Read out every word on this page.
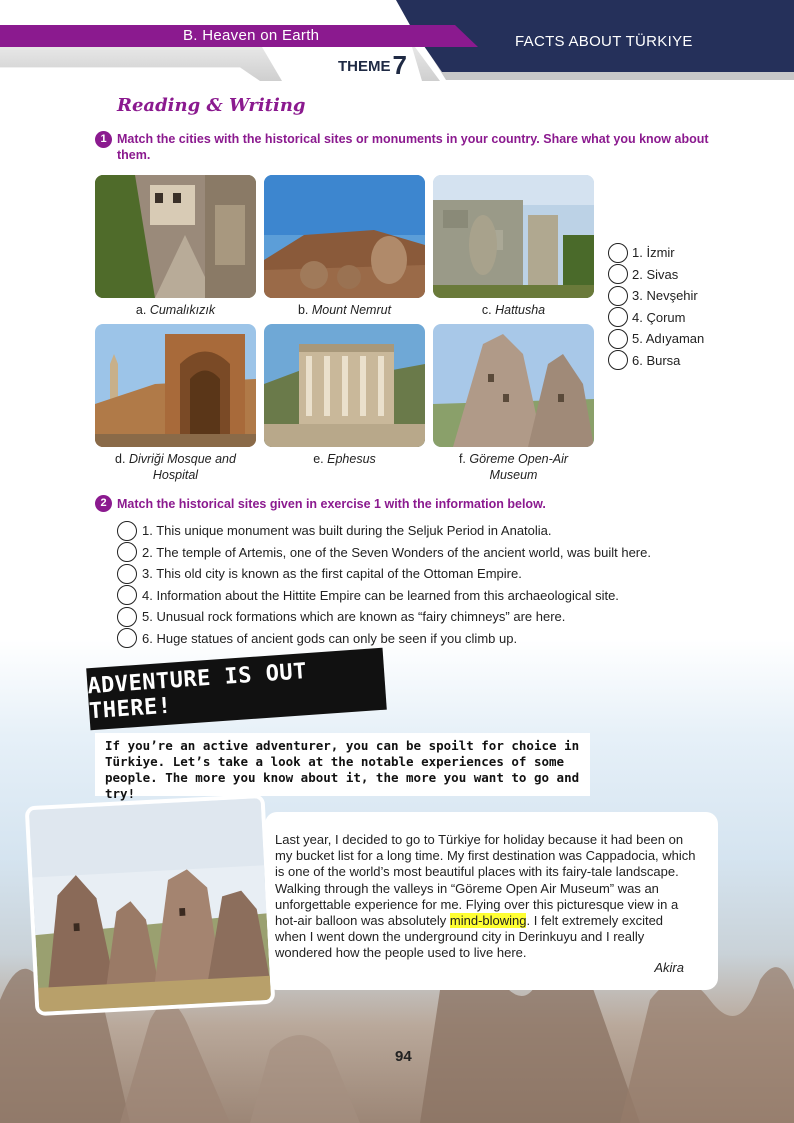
FACTS ABOUT TÜRKIYE
B. Heaven on Earth
THEME7
Reading & Writing
1 Match the cities with the historical sites or monuments in your country. Share what you know about them.
a. Cumalıkızık	b. Mount Nemrut	c. Hattusha
d. Divriği Mosque and Hospital
e. Ephesus	f. Göreme Open-Air Museum
1. İzmir
2. Sivas
3. Nevşehir
4. Çorum
5. Adıyaman
6. Bursa
2 Match the historical sites given in exercise 1 with the information below.
1. This unique monument was built during the Seljuk Period in Anatolia.
2. The temple of Artemis, one of the Seven Wonders of the ancient world, was built here.
3. This old city is known as the first capital of the Ottoman Empire.
4. Information about the Hittite Empire can be learned from this archaeological site.
5. Unusual rock formations which are known as “fairy chimneys” are here.
6. Huge statues of ancient gods can only be seen if you climb up.
ADVENTURE IS OUT THERE!
If you’re an active adventurer, you can be spoilt for choice in Türkiye. Let’s take a look at the notable experiences of some people. The more you know about it, the more you want to go and try!

Last year, I decided to go to Türkiye for holiday because it had been on my bucket list for a long time. My first destination was Cappadocia, which is one of the world’s most beautiful places with its fairy-tale landscape. Walking through the valleys in “Göreme Open Air Museum” was an unforgettable experience for me. Flying over this picturesque view in a hot-air balloon was absolutely mind-blowing. I felt extremely excited when I went down the underground city in Derinkuyu and I really wondered how the people used to live here.

Akira
94
